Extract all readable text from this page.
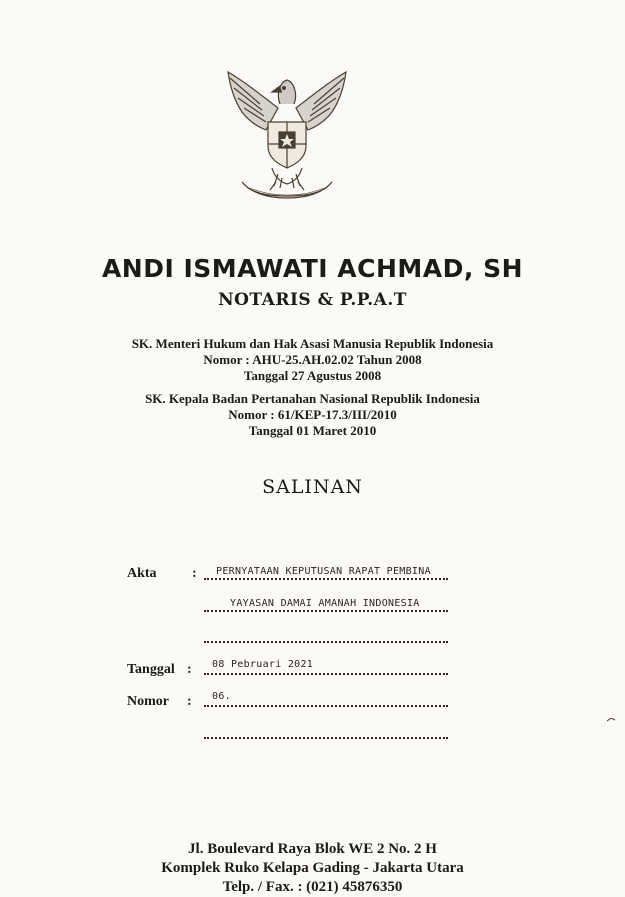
ANDI ISMAWATI ACHMAD, SH
NOTARIS & P.P.A.T
SK. Menteri Hukum dan Hak Asasi Manusia Republik Indonesia
Nomor : AHU-25.AH.02.02 Tahun 2008
Tanggal 27 Agustus 2008
SK. Kepala Badan Pertanahan Nasional Republik Indonesia
Nomor : 61/KEP-17.3/III/2010
Tanggal 01 Maret 2010
SALINAN
Akta	: PERNYATAAN KEPUTUSAN RAPAT PEMBINA
YAYASAN DAMAI AMANAH INDONESIA
Tanggal : 08 Pebruari 2021
Nomor : 06.
Jl. Boulevard Raya Blok WE 2 No. 2 H
Komplek Ruko Kelapa Gading - Jakarta Utara
Telp. / Fax. : (021) 45876350
